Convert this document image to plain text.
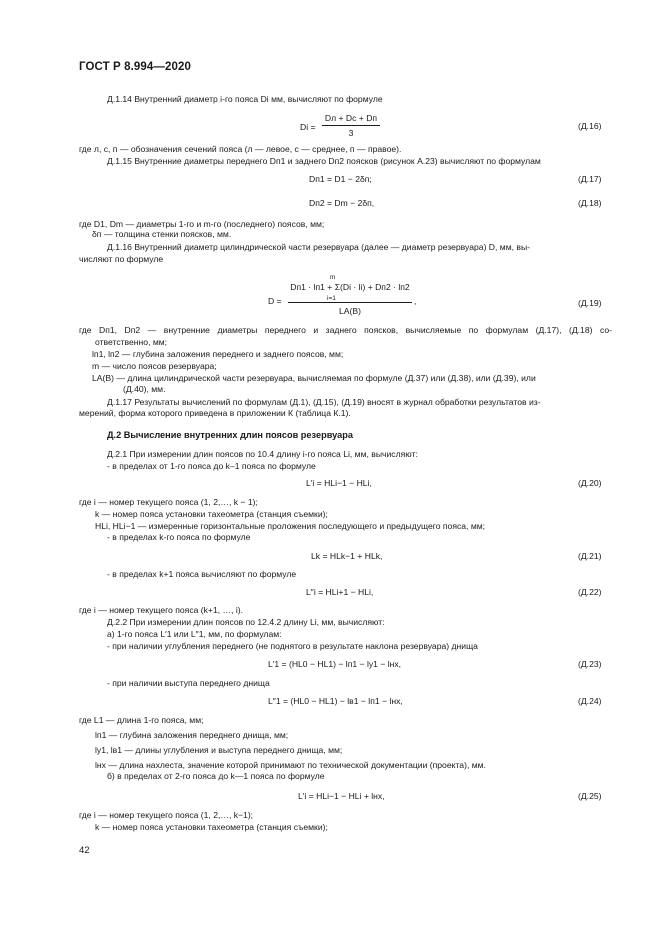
ГОСТ Р 8.994—2020
Д.1.14 Внутренний диаметр i-го пояса Di мм, вычисляют по формуле
Di =
Dл + Dс + Dп
3
(Д.16)
где л, с, п — обозначения сечений пояса (л — левое, с — среднее, п — правое).
Д.1.15 Внутренние диаметры переднего Dп1 и заднего Dп2 поясков (рисунок А.23) вычисляют по формулам
Dп1 = D1 − 2δп;	(Д.17)
Dп2 = Dm − 2δп,	(Д.18)
где D1, Dm — диаметры 1-го и m-го (последнего) поясов, мм;
δп — толщина стенки поясков, мм.
Д.1.16 Внутренний диаметр цилиндрической части резервуара (далее — диаметр резервуара) D, мм, вы-
числяют по формуле
D =
m
Dп1 · lп1 + Σ(Di · li) + Dп2 · lп2
i=1
LA(B)
,	(Д.19)
где Dп1, Dп2 — внутренние диаметры переднего и заднего поясков, вычисляемые по формулам (Д.17), (Д.18) со-
ответственно, мм;
lп1, lп2 — глубина заложения переднего и заднего поясов, мм;
m — число поясов резервуара;
LA(B) — длина цилиндрической части резервуара, вычисляемая по формуле (Д.37) или (Д.38), или (Д.39), или
(Д.40), мм.
Д.1.17 Результаты вычислений по формулам (Д.1), (Д.15), (Д.19) вносят в журнал обработки результатов из-
мерений, форма которого приведена в приложении К (таблица К.1).
Д.2 Вычисление внутренних длин поясов резервуара
Д.2.1 При измерении длин поясов по 10.4 длину i-го пояса Li, мм, вычисляют:
- в пределах от 1-го пояса до k–1 пояса по формуле
L′i = HLi−1 − HLi,	(Д.20)
где i — номер текущего пояса (1, 2,…, k − 1);
k — номер пояса установки тахеометра (станция съемки);
HLi, HLi−1 — измеренные горизонтальные проложения последующего и предыдущего пояса, мм;
- в пределах k-го пояса по формуле
Lk = HLk−1 + HLk,	(Д.21)
- в пределах k+1 пояса вычисляют по формуле
L″i = HLi+1 − HLi,	(Д.22)
где i — номер текущего пояса (k+1, …, i).
Д.2.2 При измерении длин поясов по 12.4.2 длину Li, мм, вычисляют:
а) 1-го пояса L′1 или L″1, мм, по формулам:
- при наличии углубления переднего (не поднятого в результате наклона резервуара) днища
L′1 = (HL0 − HL1) − lп1 − lу1 − lнх,	(Д.23)
- при наличии выступа переднего днища
L″1 = (HL0 − HL1) − lв1 − lп1 − lнх,	(Д.24)
где L1 — длина 1-го пояса, мм;
lп1 — глубина заложения переднего днища, мм;
lу1, lв1 — длины углубления и выступа переднего днища, мм;
lнх — длина нахлеста, значение которой принимают по технической документации (проекта), мм.
б) в пределах от 2-го пояса до k—1 пояса по формуле
L′i = HLi−1 − HLi + lнх,	(Д.25)
где i — номер текущего пояса (1, 2,…, k−1);
k — номер пояса установки тахеометра (станция съемки);
42
